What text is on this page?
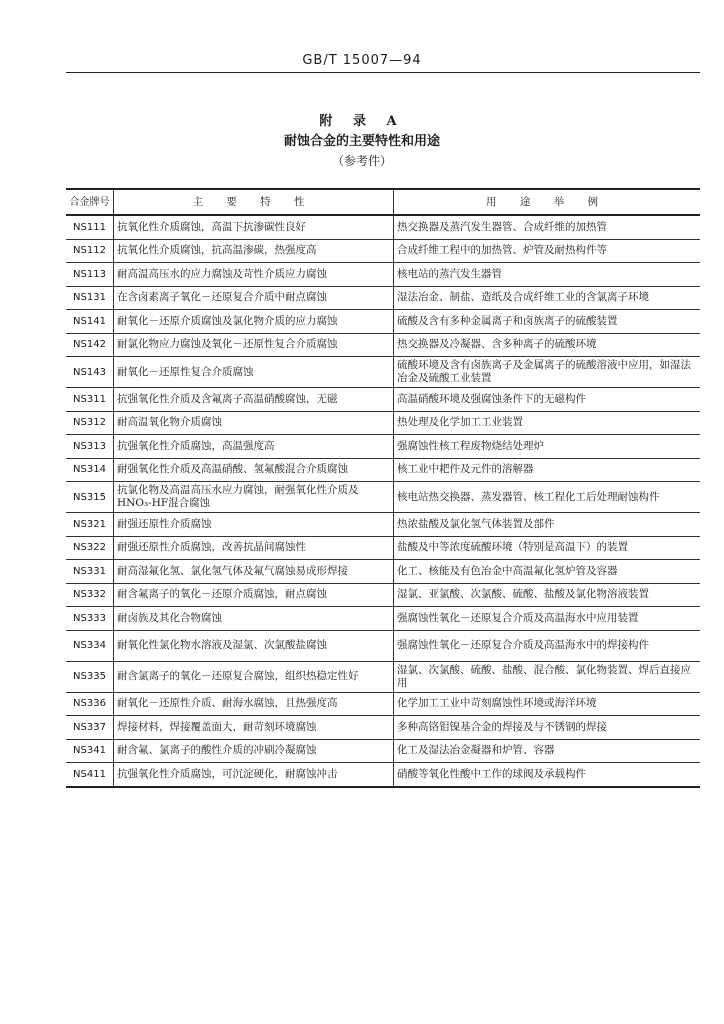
GB/T 15007—94
附 录 A
耐蚀合金的主要特性和用途
（参考件）
合金牌号	主 要 特 性	用 途 举 例
NS111	抗氧化性介质腐蚀，高温下抗渗碳性良好	热交换器及蒸汽发生器管、合成纤维的加热管
NS112	抗氧化性介质腐蚀，抗高温渗碳，热强度高	合成纤维工程中的加热管、炉管及耐热构件等
NS113	耐高温高压水的应力腐蚀及苛性介质应力腐蚀	核电站的蒸汽发生器管
NS131	在含卤素离子氧化－还原复合介质中耐点腐蚀	湿法冶金、制盐、造纸及合成纤维工业的含氯离子环境
NS141	耐氧化－还原介质腐蚀及氯化物介质的应力腐蚀	硫酸及含有多种金属离子和卤族离子的硫酸装置
NS142	耐氯化物应力腐蚀及氧化－还原性复合介质腐蚀	热交换器及冷凝器、含多种离子的硫酸环境
NS143	耐氧化－还原性复合介质腐蚀	硫酸环境及含有卤族离子及金属离子的硫酸溶液中应用，如湿法冶金及硫酸工业装置
NS311	抗强氧化性介质及含氟离子高温硝酸腐蚀，无磁	高温硝酸环境及强腐蚀条件下的无磁构件
NS312	耐高温氧化物介质腐蚀	热处理及化学加工工业装置
NS313	抗强氧化性介质腐蚀，高温强度高	强腐蚀性核工程废物烧结处理炉
NS314	耐强氧化性介质及高温硝酸、氢氟酸混合介质腐蚀	核工业中耙件及元件的溶解器
NS315	抗氯化物及高温高压水应力腐蚀，耐强氧化性介质及HNO₃-HF混合腐蚀	核电站热交换器、蒸发器管、核工程化工后处理耐蚀构件
NS321	耐强还原性介质腐蚀	热浓盐酸及氯化氢气体装置及部件
NS322	耐强还原性介质腐蚀，改善抗晶间腐蚀性	盐酸及中等浓度硫酸环境（特别是高温下）的装置
NS331	耐高湿氟化氢、氯化氢气体及氟气腐蚀易成形焊接	化工、核能及有色冶金中高温氟化氢炉管及容器
NS332	耐含氟离子的氧化－还原介质腐蚀，耐点腐蚀	湿氯、亚氯酸、次氯酸、硫酸、盐酸及氯化物溶液装置
NS333	耐卤族及其化合物腐蚀	强腐蚀性氧化－还原复合介质及高温海水中应用装置
NS334	耐氧化性氯化物水溶液及湿氯、次氯酸盐腐蚀	强腐蚀性氧化－还原复合介质及高温海水中的焊接构件
NS335	耐含氯离子的氧化－还原复合腐蚀，组织热稳定性好	湿氯、次氯酸、硫酸、盐酸、混合酸、氯化物装置、焊后直接应用
NS336	耐氧化－还原性介质、耐海水腐蚀，且热强度高	化学加工工业中苛刻腐蚀性环境或海洋环境
NS337	焊接材料，焊接覆盖面大，耐苛刻环境腐蚀	多种高铬钼镍基合金的焊接及与不锈钢的焊接
NS341	耐含氟、氯离子的酸性介质的冲刷冷凝腐蚀	化工及湿法冶金凝器和炉管、容器
NS411	抗强氧化性介质腐蚀，可沉淀硬化，耐腐蚀冲击	硝酸等氧化性酸中工作的球阀及承载构件
